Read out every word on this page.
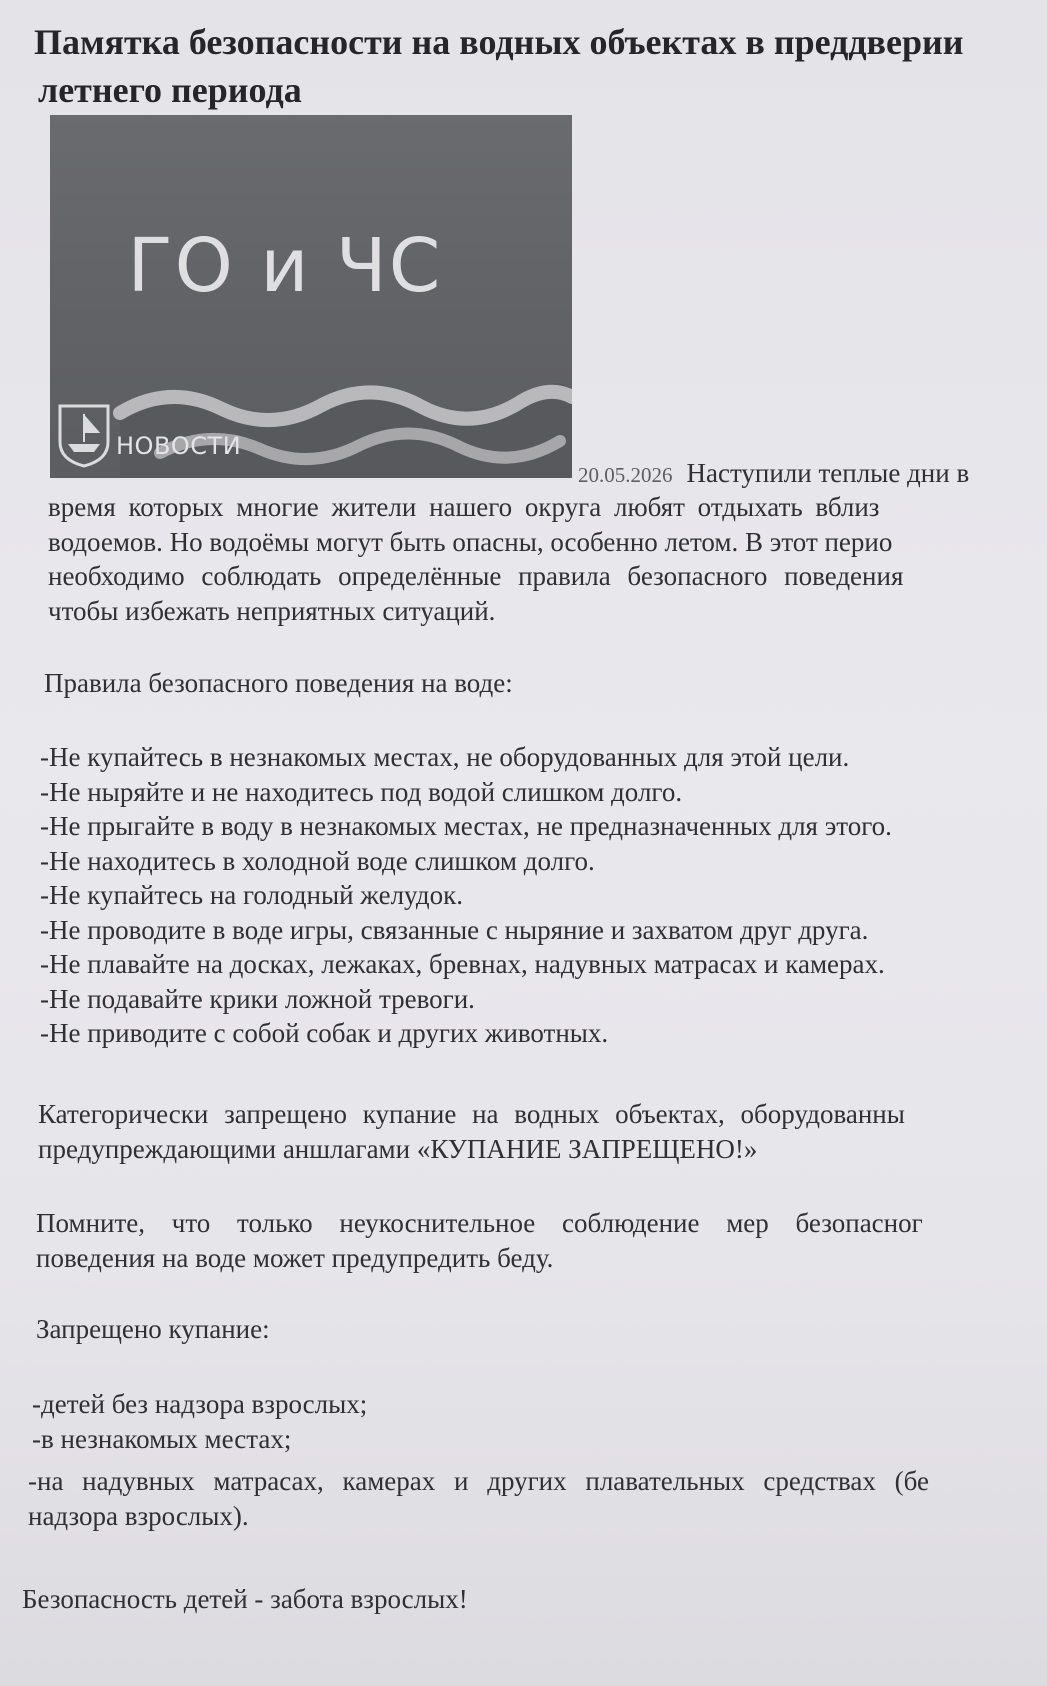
Памятка безопасности на водных объектах в преддверии
летнего периода
ГО и ЧС
НОВОСТИ

20.05.2026 Наступили теплые дни в

время которых многие жители нашего округа любят отдыхать вблиз
водоемов. Но водоёмы могут быть опасны, особенно летом. В этот перио
необходимо соблюдать определённые правила безопасного поведения
чтобы избежать неприятных ситуаций.

Правила безопасного поведения на воде:

-Не купайтесь в незнакомых местах, не оборудованных для этой цели.
-Не ныряйте и не находитесь под водой слишком долго.
-Не прыгайте в воду в незнакомых местах, не предназначенных для этого.
-Не находитесь в холодной воде слишком долго.
-Не купайтесь на голодный желудок.
-Не проводите в воде игры, связанные с ныряние и захватом друг друга.
-Не плавайте на досках, лежаках, бревнах, надувных матрасах и камерах.
-Не подавайте крики ложной тревоги.
-Не приводите с собой собак и других животных.
Категорически запрещено купание на водных объектах, оборудованны
предупреждающими аншлагами «КУПАНИЕ ЗАПРЕЩЕНО!»
Помните, что только неукоснительное соблюдение мер безопасног
поведения на воде может предупредить беду.

Запрещено купание:

-детей без надзора взрослых;
-в незнакомых местах;
-на надувных матрасах, камерах и других плавательных средствах (бе
надзора взрослых).

Безопасность детей - забота взрослых!
